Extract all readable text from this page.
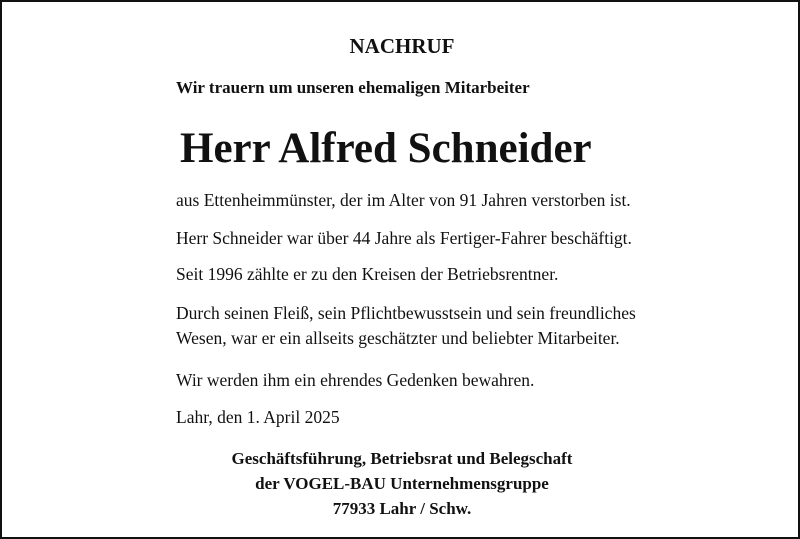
NACHRUF

Wir trauern um unseren ehemaligen Mitarbeiter

Herr Alfred Schneider

aus Ettenheimmünster, der im Alter von 91 Jahren verstorben ist.

Herr Schneider war über 44 Jahre als Fertiger-Fahrer beschäftigt.

Seit 1996 zählte er zu den Kreisen der Betriebsrentner.

Durch seinen Fleiß, sein Pflichtbewusstsein und sein freundliches

Wesen, war er ein allseits geschätzter und beliebter Mitarbeiter.

Wir werden ihm ein ehrendes Gedenken bewahren.

Lahr, den 1. April 2025

Geschäftsführung, Betriebsrat und Belegschaft

der VOGEL-BAU Unternehmensgruppe

77933 Lahr / Schw.
